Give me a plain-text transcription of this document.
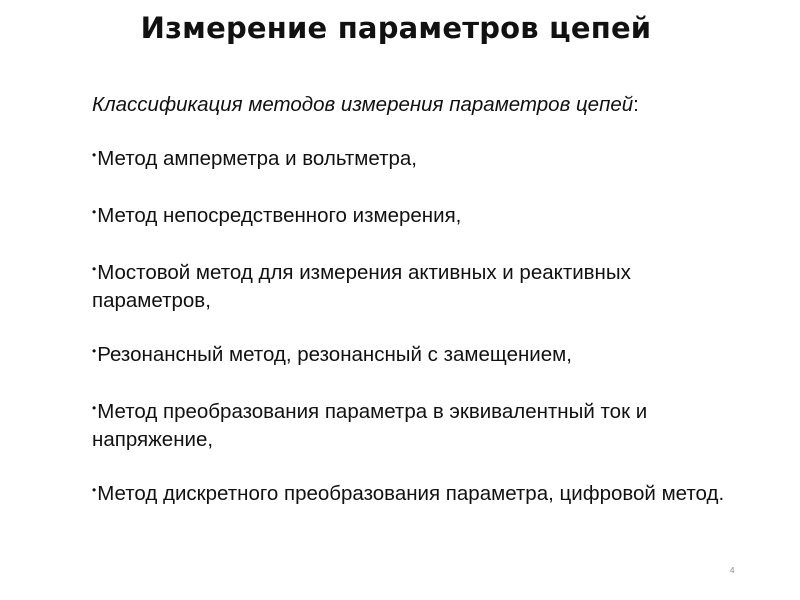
Измерение параметров цепей

Классификация методов измерения параметров цепей:

•Метод амперметра и вольтметра,
•Метод непосредственного измерения,
•Мостовой метод для измерения активных и реактивных параметров,
•Резонансный метод, резонансный с замещением,
•Метод преобразования параметра в эквивалентный ток и напряжение,
•Метод дискретного преобразования параметра, цифровой метод.
4
